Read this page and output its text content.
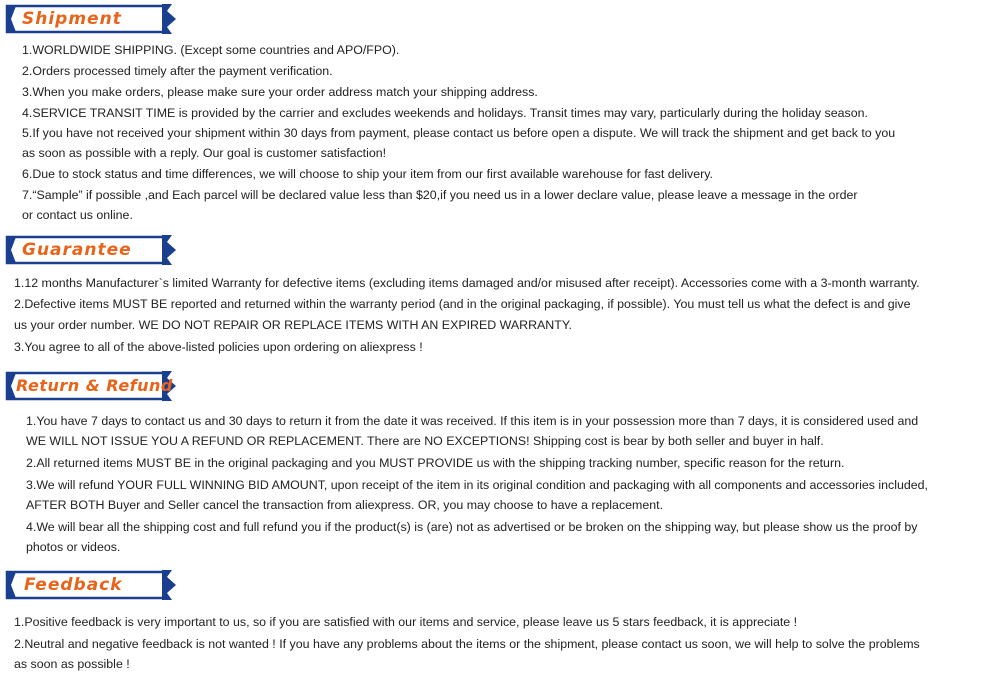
Shipment
1.WORLDWIDE SHIPPING. (Except some countries and APO/FPO).
2.Orders processed timely after the payment verification.
3.When you make orders, please make sure your order address match your shipping address.
4.SERVICE TRANSIT TIME is provided by the carrier and excludes weekends and holidays. Transit times may vary, particularly during the holiday season.
5.If you have not received your shipment within 30 days from payment, please contact us before open a dispute. We will track the shipment and get back to you
as soon as possible with a reply. Our goal is customer satisfaction!
6.Due to stock status and time differences, we will choose to ship your item from our first available warehouse for fast delivery.
7.“Sample” if possible ,and Each parcel will be declared value less than $20,if you need us in a lower declare value, please leave a message in the order
or contact us online.
Guarantee
1.12 months Manufacturer`s limited Warranty for defective items (excluding items damaged and/or misused after receipt). Accessories come with a 3-month warranty.
2.Defective items MUST BE reported and returned within the warranty period (and in the original packaging, if possible). You must tell us what the defect is and give
us your order number. WE DO NOT REPAIR OR REPLACE ITEMS WITH AN EXPIRED WARRANTY.
3.You agree to all of the above-listed policies upon ordering on aliexpress !
Return & Refund
1.You have 7 days to contact us and 30 days to return it from the date it was received. If this item is in your possession more than 7 days, it is considered used and
WE WILL NOT ISSUE YOU A REFUND OR REPLACEMENT. There are NO EXCEPTIONS! Shipping cost is bear by both seller and buyer in half.
2.All returned items MUST BE in the original packaging and you MUST PROVIDE us with the shipping tracking number, specific reason for the return.
3.We will refund YOUR FULL WINNING BID AMOUNT, upon receipt of the item in its original condition and packaging with all components and accessories included,
AFTER BOTH Buyer and Seller cancel the transaction from aliexpress. OR, you may choose to have a replacement.
4.We will bear all the shipping cost and full refund you if the product(s) is (are) not as advertised or be broken on the shipping way, but please show us the proof by
photos or videos.
Feedback
1.Positive feedback is very important to us, so if you are satisfied with our items and service, please leave us 5 stars feedback, it is appreciate !
2.Neutral and negative feedback is not wanted ! If you have any problems about the items or the shipment, please contact us soon, we will help to solve the problems
as soon as possible !
